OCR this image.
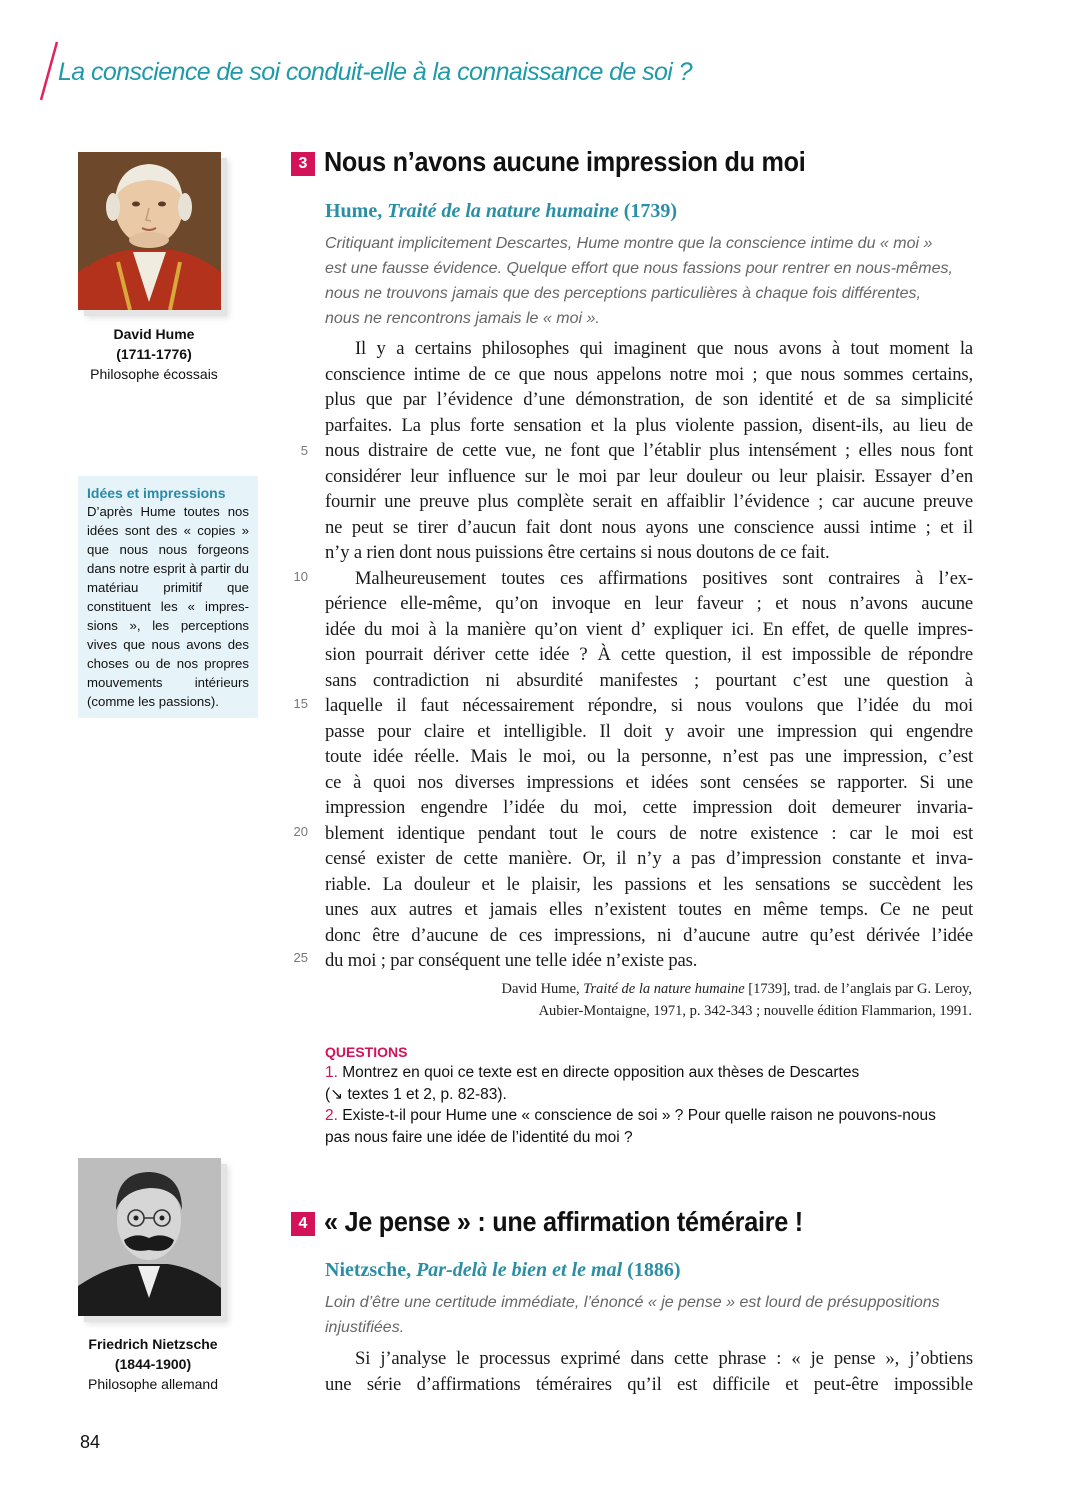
La conscience de soi conduit-elle à la connaissance de soi ?
David Hume
(1711-1776)
Philosophe écossais
Idées et impressions
D’après Hume toutes nos idées sont des « copies » que nous nous forgeons dans notre esprit à partir du matériau primitif que constituent les « impres-sions », les perceptions vives que nous avons des choses ou de nos propres mouvements intérieurs (comme les passions).
Friedrich Nietzsche
(1844-1900)
Philosophe allemand
3 Nous n’avons aucune impression du moi
Hume, Traité de la nature humaine (1739)
Critiquant implicitement Descartes, Hume montre que la conscience intime du « moi » est une fausse évidence. Quelque effort que nous fassions pour rentrer en nous-mêmes, nous ne trouvons jamais que des perceptions particulières à chaque fois différentes, nous ne rencontrons jamais le « moi ».
Il y a certains philosophes qui imaginent que nous avons à tout moment la
conscience intime de ce que nous appelons notre moi ; que nous sommes certains,
plus que par l’évidence d’une démonstration, de son identité et de sa simplicité
parfaites. La plus forte sensation et la plus violente passion, disent-ils, au lieu de
nous distraire de cette vue, ne font que l’établir plus intensément ; elles nous font
considérer leur influence sur le moi par leur douleur ou leur plaisir. Essayer d’en
fournir une preuve plus complète serait en affaiblir l’évidence ; car aucune preuve
ne peut se tirer d’aucun fait dont nous ayons une conscience aussi intime ; et il
n’y a rien dont nous puissions être certains si nous doutons de ce fait.
Malheureusement toutes ces affirmations positives sont contraires à l’ex-
périence elle-même, qu’on invoque en leur faveur ; et nous n’avons aucune
idée du moi à la manière qu’on vient d’ expliquer ici. En effet, de quelle impres-
sion pourrait dériver cette idée ? À cette question, il est impossible de répondre
sans contradiction ni absurdité manifestes ; pourtant c’est une question à
laquelle il faut nécessairement répondre, si nous voulons que l’idée du moi
passe pour claire et intelligible. Il doit y avoir une impression qui engendre
toute idée réelle. Mais le moi, ou la personne, n’est pas une impression, c’est
ce à quoi nos diverses impressions et idées sont censées se rapporter. Si une
impression engendre l’idée du moi, cette impression doit demeurer invaria-
blement identique pendant tout le cours de notre existence : car le moi est
censé exister de cette manière. Or, il n’y a pas d’impression constante et inva-
riable. La douleur et le plaisir, les passions et les sensations se succèdent les
unes aux autres et jamais elles n’existent toutes en même temps. Ce ne peut
donc être d’aucune de ces impressions, ni d’aucune autre qu’est dérivée l’idée
du moi ; par conséquent une telle idée n’existe pas.
5
10
15
20
25
David Hume, Traité de la nature humaine [1739], trad. de l’anglais par G. Leroy,
Aubier-Montaigne, 1971, p. 342-343 ; nouvelle édition Flammarion, 1991.
QUESTIONS
1. Montrez en quoi ce texte est en directe opposition aux thèses de Descartes
(↘ textes 1 et 2, p. 82-83).
2. Existe-t-il pour Hume une « conscience de soi » ? Pour quelle raison ne pouvons-nous
pas nous faire une idée de l’identité du moi ?
4 « Je pense » : une affirmation téméraire !
Nietzsche, Par-delà le bien et le mal (1886)
Loin d’être une certitude immédiate, l’énoncé « je pense » est lourd de présuppositions injustifiées.
Si j’analyse le processus exprimé dans cette phrase : « je pense », j’obtiens
une série d’affirmations téméraires qu’il est difficile et peut-être impossible
84
